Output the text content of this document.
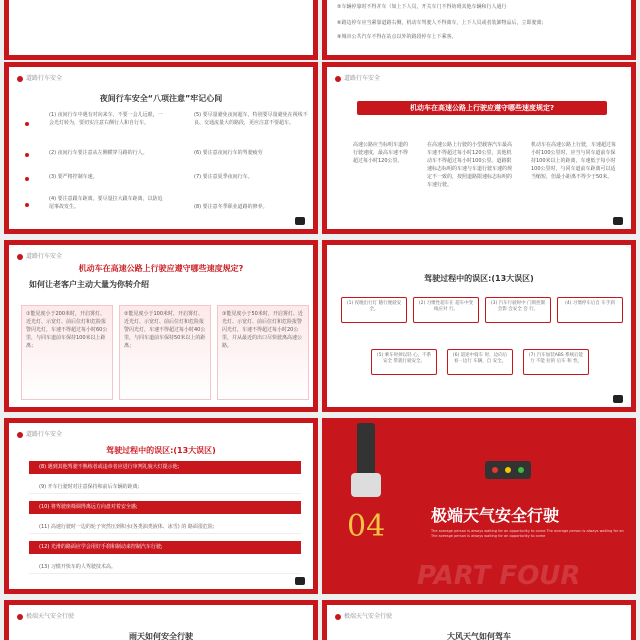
⑤车辆停靠时不得并车（如上下人员，开关车门不得妨碍其他车辆和行人通行
⑥路边停车应当紧靠道路右侧，机动车驾驶人不得离车，上下人员或者装卸物品后，立即驶离；
⑧城市公共汽车不得在站点以外的路段停车上下乘客。
道路行车安全
夜间行车安全“八项注意”牢记心间
(1) 夜间行车中遇有对向来车，不要一会儿远眼，一会光灯转为，要切实注意右侧行人和自行车。
(2) 夜间行车要注意从左侧横穿马路的行人。
(3) 要严格控制车速。
(4) 要注意跟车距离。要尽量拉大跟车距离，以防追尾事故发生。
(5) 要尽量避免夜间超车，特别要尽量避免在视线不良、交通流量大的路段，更应注意不要超车。
(6) 要注意夜间行车的驾驶疲劳
(7) 要注意夏季夜间行车。
(8) 要注意冬季职业道路的修养。
道路行车安全
机动车在高速公路上行驶应遵守哪些速度规定?
高速公路应当标明车道的行驶速度，最高车速不得超过每小时120公里。
在高速公路上行驶的小型载客汽车最高车速不得超过每小时120公里，其他机动车不得超过每小时100公里。道路限速标志标明的车速与车道行驶车速的规定不一致的，按照道路限速标志标明的车速行驶。
机动车在高速公路上行驶，车速超过每小时100公里时，应当与同车道前车保持100米以上的距离，车速低于每小时100公里时，与同车道前车距离可以适当缩短，但最小距离不得少于50米。
道路行车安全
机动车在高速公路上行驶应遵守哪些速度规定?
如何让老客户主动大量为你转介绍
①能见度小于200米时，开启雾灯、近光灯、示宽灯、前后位灯和危险报警闪光灯，车速不得超过每小时60公里，与同车道前车保持100米以上距离；
②能见度小于100米时，开启雾灯、近光灯、示宽灯、前后位灯和危险报警闪光灯，车速不得超过每小时40公里，与同车道前车保持50米以上的距离；
③能见度小于50米时，开启雾灯、近光灯、示宽灯、前后位灯和危险报警闪光灯，车速不得超过每小时20公里，并从最近的出口尽快驶离高速公路。
驾驶过程中的误区:(13大误区)
(1) 夜晚出行灯 随行便驶安全。
(2) 习惯性超车在 超车中变线应对 行。
(3) 汽车行驶时中 门锁控制会影 会安全 会 行。
(4) 习惯停车后自 车手刹
(5) 乘车时掉以轻 心，不系安全 带就行驶安全。
(6) 道途中骑车 时，边向后看一边行 车辆，自 安全。
(7) 汽车加装ABS 系统后能力 不能 拉的 后车 和 性。
道路行车安全
驾驶过程中的误区:(13大误区)
(8) 遇到其他驾驶不熟练者或违章者应进行审判礼貌大灯提示他;
(9) 开车行驶时对注意保持和前后车辆的距离;
(10) 将驾驶座椅调得离远方向盘对着安全感;
(11) 高速行驶时一边的轮子突然压到积水(各类油类液体、冰雪) 的 路面很危险;
(12) 光滑的路面应学会用好手刹和制动来控制汽车行驶;
(13) 习惯开快车的人驾驶技术高。
04	极端天气安全行驶
The average person is always waiting for an opportunity to come.The average person is always waiting for an The average person is always waiting for an opportunity to come
PART FOUR
极端天气安全行驶
雨天如何安全行驶
极端天气安全行驶
大风天气如何驾车
